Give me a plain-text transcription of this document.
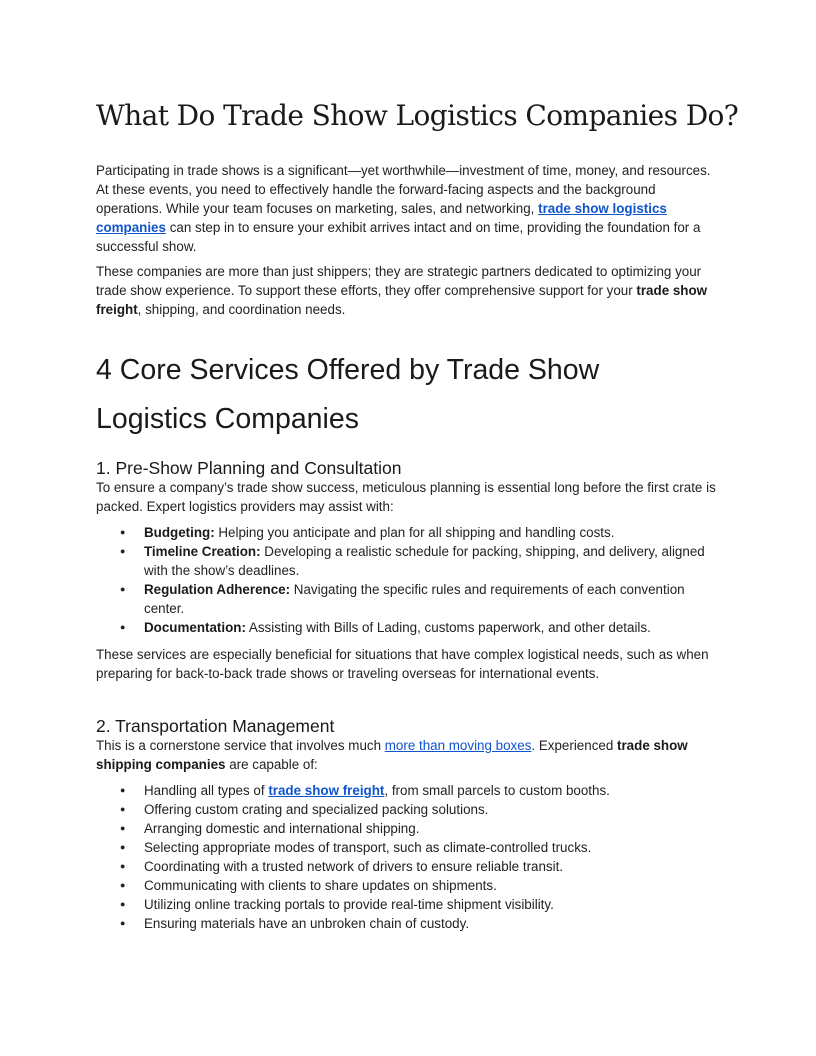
What Do Trade Show Logistics Companies Do?

Participating in trade shows is a significant—yet worthwhile—investment of time, money, and resources. At these events, you need to effectively handle the forward-facing aspects and the background operations. While your team focuses on marketing, sales, and networking, trade show logistics companies can step in to ensure your exhibit arrives intact and on time, providing the foundation for a successful show.

These companies are more than just shippers; they are strategic partners dedicated to optimizing your trade show experience. To support these efforts, they offer comprehensive support for your trade show freight, shipping, and coordination needs.

4 Core Services Offered by Trade Show Logistics Companies
1. Pre-Show Planning and Consultation

To ensure a company’s trade show success, meticulous planning is essential long before the first crate is packed. Expert logistics providers may assist with:

● Budgeting: Helping you anticipate and plan for all shipping and handling costs.
● Timeline Creation: Developing a realistic schedule for packing, shipping, and delivery, aligned with the show’s deadlines.
● Regulation Adherence: Navigating the specific rules and requirements of each convention center.
● Documentation: Assisting with Bills of Lading, customs paperwork, and other details.

These services are especially beneficial for situations that have complex logistical needs, such as when preparing for back-to-back trade shows or traveling overseas for international events.

2. Transportation Management

This is a cornerstone service that involves much more than moving boxes. Experienced trade show shipping companies are capable of:

● Handling all types of trade show freight, from small parcels to custom booths.
● Offering custom crating and specialized packing solutions.
● Arranging domestic and international shipping.
● Selecting appropriate modes of transport, such as climate-controlled trucks.
● Coordinating with a trusted network of drivers to ensure reliable transit.
● Communicating with clients to share updates on shipments.
● Utilizing online tracking portals to provide real-time shipment visibility.
● Ensuring materials have an unbroken chain of custody.
